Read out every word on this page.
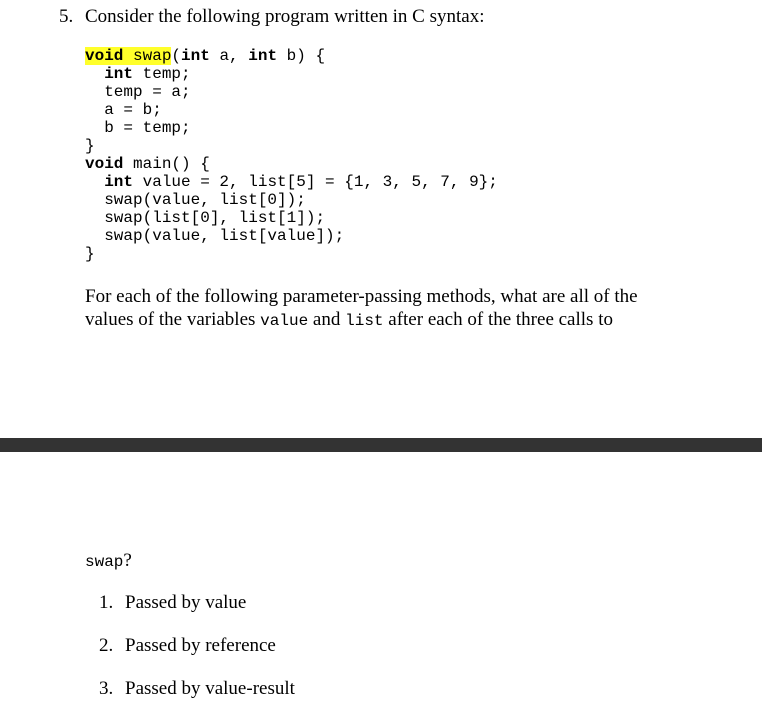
5. Consider the following program written in C syntax:
void swap(int a, int b) {
int temp;
temp = a;
a = b;
b = temp;
}
void main() {
int value = 2, list[5] = {1, 3, 5, 7, 9};
swap(value, list[0]);
swap(list[0], list[1]);
swap(value, list[value]);
}
For each of the following parameter-passing methods, what are all of the
values of the variables value and list after each of the three calls to
swap?
1. Passed by value
2. Passed by reference
3. Passed by value-result
